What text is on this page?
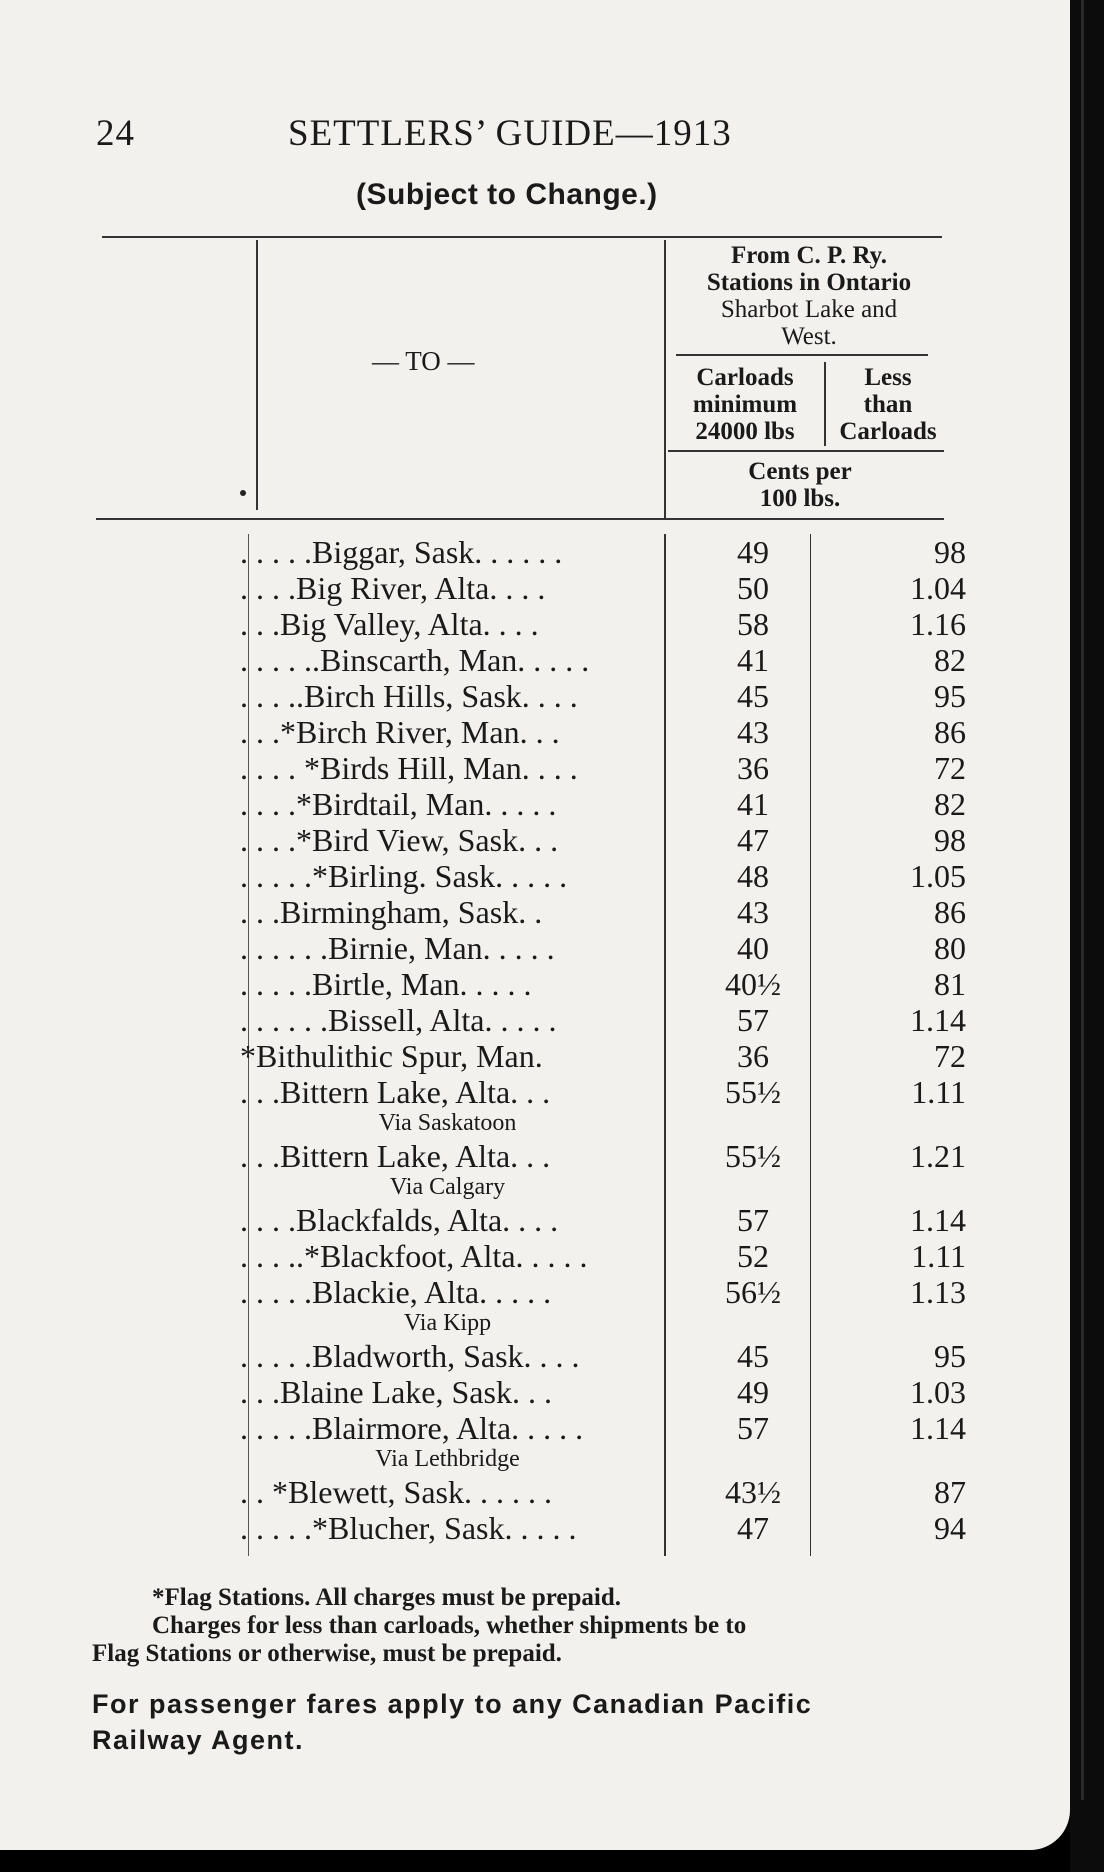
24	SETTLERS’ GUIDE—1913
(Subject to Change.)
— TO —
From C. P. Ry.
Stations in Ontario
Sharbot Lake and
West.
Carloads
minimum
24000 lbs
Less
than
Carloads
Cents per
100 lbs.
. . . . .Biggar, Sask. . . . . .	49	98
. . . .Big River, Alta. . . .	50	1.04
. . .Big Valley, Alta. . . .	58	1.16
. . . . ..Binscarth, Man. . . . .	41	82
. . . ..Birch Hills, Sask. . . .	45	95
. . .*Birch River, Man. . .	43	86
. . . . *Birds Hill, Man. . . .	36	72
. . . .*Birdtail, Man. . . . .	41	82
. . . .*Bird View, Sask. . .	47	98
. . . . .*Birling. Sask. . . . .	48	1.05
. . .Birmingham, Sask. .	43	86
. . . . . .Birnie, Man. . . . .	40	80
. . . . .Birtle, Man. . . . .	40½	81
. . . . . .Bissell, Alta. . . . .	57	1.14
*Bithulithic Spur, Man.	36	72
. . .Bittern Lake, Alta. . .	55½	1.11
Via Saskatoon
. . .Bittern Lake, Alta. . .	55½	1.21
Via Calgary
. . . .Blackfalds, Alta. . . .	57	1.14
. . . ..*Blackfoot, Alta. . . . .	52	1.11
. . . . .Blackie, Alta. . . . .	56½	1.13
Via Kipp
. . . . .Bladworth, Sask. . . .	45	95
. . .Blaine Lake, Sask. . .	49	1.03
. . . . .Blairmore, Alta. . . . .	57	1.14
Via Lethbridge
. . *Blewett, Sask. . . . . .	43½	87
. . . . .*Blucher, Sask. . . . .	47	94
*Flag Stations. All charges must be prepaid.
Charges for less than carloads, whether shipments be to
Flag Stations or otherwise, must be prepaid.
For passenger fares apply to any Canadian Pacific
Railway Agent.
